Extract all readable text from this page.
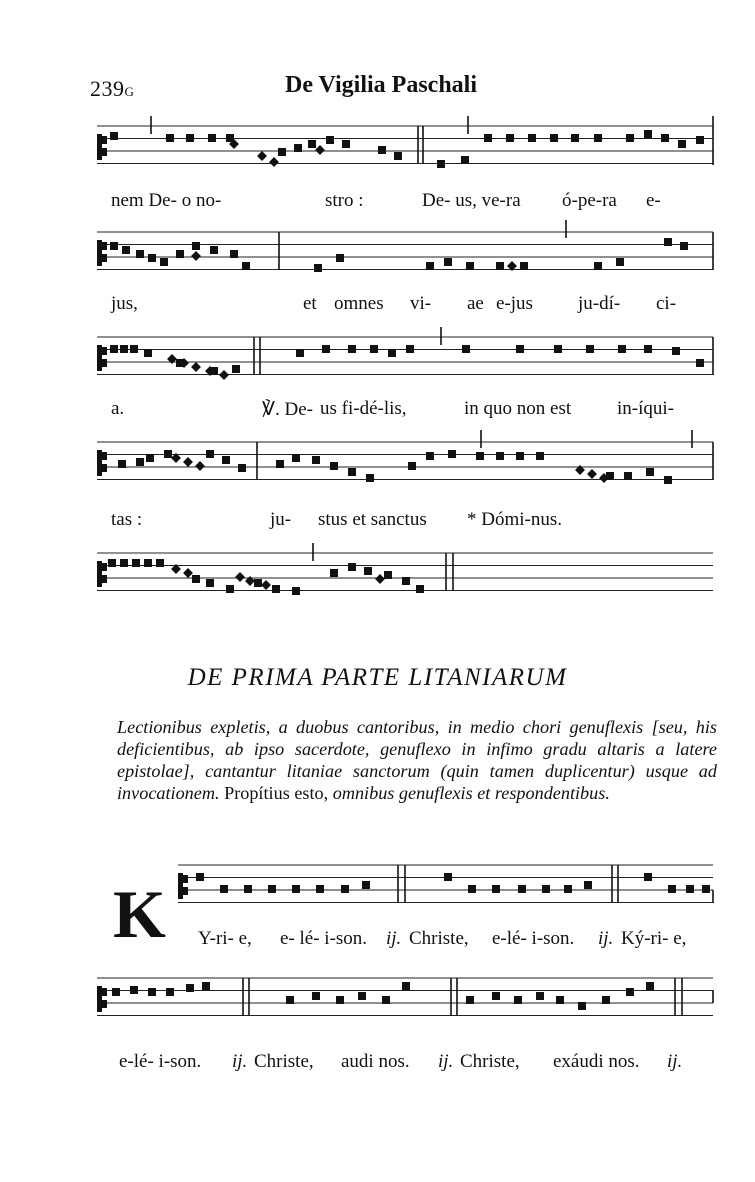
239G	De Vigilia Paschali
nem De- o no-	stro :	De- us, ve-ra ó-pe-ra e-
jus,	et omnes vi- ae e-jus ju-dí- ci-
a.	℣. De- us fi-dé-lis,	in quo non est in-íqui-
tas :	ju- stus et sanctus * Dómi-nus.
DE PRIMA PARTE LITANIARUM
Lectionibus expletis, a duobus cantoribus, in medio chori genuflexis [seu, his deficientibus, ab ipso sacerdote, genuflexo in infimo gradu altaris a latere epistolae], cantantur litaniae sanctorum (quin tamen duplicentur) usque ad invocationem. Propítius esto, omnibus genuflexis et respondentibus.
K Y-ri- e, e- lé- i-son. ij. Christe, e-lé- i-son. ij. Ký-ri- e,
e-lé- i-son. ij. Christe, audi nos. ij. Christe, exáudi nos. ij.
